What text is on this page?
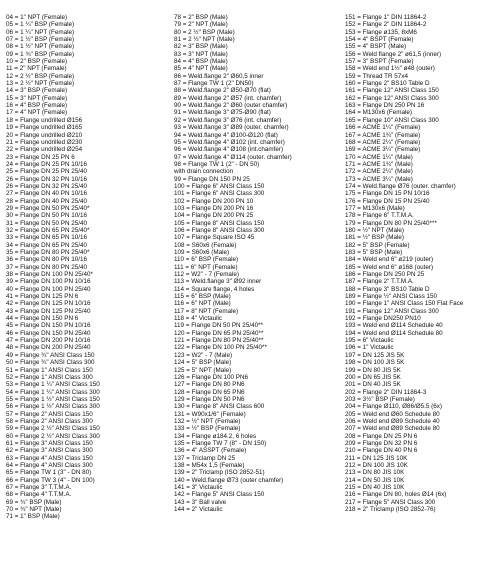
04 = 1" NPT (Female)
05 = 1 ¼" BSP (Female)
06 = 1 ¼" NPT (Female)
07 = 1 ½" BSP (Female)
08 = 1 ½" NPT (Female)
09 = 1 ¾" BSP (Female)
10 = 2" BSP (Female)
11 = 2" NPT (Female)
12 = 2 ½" BSP (Female)
13 = 2 ½" NPT (Female)
14 = 3" BSP (Female)
15 = 3" NPT (Female)
16 = 4" BSP (Female)
17 = 4" NPT (Female)
18 = Flange undrilled Ø156
19 = Flange undrilled Ø165
20 = Flange undrilled Ø210
21 = Flange undrilled Ø230
22 = Flange undrilled Ø254
23 = Flange DN 25 PN 6
24 = Flange DN 25 PN 10/16
25 = Flange DN 25 PN 25/40
26 = Flange DN 32 PN 10/16
26 = Flange DN 32 PN 25/40
27 = Flange DN 40 PN 10/16
28 = Flange DN 40 PN 25/40
29 = Flange DN 50 PN 25/40*
30 = Flange DN 50 PN 10/16
31 = Flange DN 50 PN 25/40
32 = Flange DN 65 PN 25/40*
33 = Flange DN 65 PN 10/16
34 = Flange DN 65 PN 25/40
35 = Flange DN 80 PN 25/40*
36 = Flange DN 80 PN 10/16
37 = Flange DN 80 PN 25/40
38 = Flange DN 100 PN 25/40*
39 = Flange DN 100 PN 10/16
40 = Flange DN 100 PN 25/40
41 = Flange DN 125 PN 6
42 = Flange DN 125 PN 10/16
43 = Flange DN 125 PN 25/40
44 = Flange DN 150 PN 6
45 = Flange DN 150 PN 10/16
46 = Flange DN 150 PN 25/40
47 = Flange DN 200 PN 10/16
48 = Flange DN 200 PN 25/40
49 = Flange ¾" ANSI Class 150
50 = Flange ¾" ANSI Class 300
51 = Flange 1" ANSI Class 150
52 = Flange 1" ANSI Class 300
53 = Flange 1 ¼" ANSI Class 150
54 = Flange 1 ¼" ANSI Class 300
55 = Flange 1 ½" ANSI Class 150
56 = Flange 1 ½" ANSI Class 300
57 = Flange 2" ANSI Class 150
58 = Flange 2" ANSI Class 300
59 = Flange 2 ½" ANSI Class 150
60 = Flange 2 ½" ANSI Class 300
61 = Flange 3" ANSI Class 150
62 = Flange 3" ANSI Class 300
63 = Flange 4" ANSI Class 150
64 = Flange 4" ANSI Class 300
65 = Flange TW 1 (3" - DN 80)
66 = Flange TW 3 (4" - DN 100)
67 = Flange 3" T.T.M.A.
68 = Flange 4" T.T.M.A.
69 = ¾" BSP (Male)
70 = ¾" NPT (Male)
71 = 1" BSP (Male)
78 = 2" BSP (Male)
79 = 2" NPT (Male)
80 = 2 ½" BSP (Male)
81 = 2 ½" NPT (Male)
82 = 3" BSP (Male)
83 = 3" NPT (Male)
84 = 4" BSP (Male)
85 = 4" NPT (Male)
86 = Weld.flange 2" Ø60,5 inner
87 = Flange TW 1 (2" DN50)
88 = Weld.flange 2" Ø50-Ø70 (flat)
89 = Weld.flange 2" Ø57 (int. chamfer)
90 = Weld.flange 2" Ø60 (outer chamfer)
91 = Weld.flange 3" Ø75-Ø90 (flat)
92 = Weld.flange 3" Ø76 (int. chamfer)
93 = Weld.flange 3" Ø89 (outer. chamfer)
94 = Weld.flange 4" Ø100-Ø120 (flat)
95 = Weld.flange 4" Ø102 (int. chamfer)
96 = Weld.flange 4" Ø108 (int.chamfer)
97 = Weld.flange 4" Ø114 (outer. chamfer)
98 = Flange TW 1 (2" - DN 50)
with drain connection
99 = Flange DN 150 PN 25
100 = Flange 6" ANSI Class 150
101 = Flange 6" ANSI Class 300
102 = Flange DN 200 PN 10
103 = Flange DN 200 PN 16
104 = Flange DN 200 PN 25
105 = Flange 8" ANSI Class 150
106 = Flange 8" ANSI Class 300
107 = Flange Square ISO 45
108 = S60x6 (Female)
109 = S60x6 (Male)
110 = 6" BSP (Female)
111 = 6" NPT (Female)
112 = W2" - 7 (Female)
113 = Weld.flange 3" Ø92 inner
114 = Square flange, 4 holes
115 = 6" BSP (Male)
116 = 6" NPT (Male)
117 = 8" NPT (Female)
118 = 4" Victaulic
119 = Flange DN 50 PN 25/40**
120 = Flange DN 65 PN 25/40**
121 = Flange DN 80 PN 25/40**
122 = Flange DN 100 PN 25/40**
123 = W2" - 7 (Male)
124 = 5" BSP (Male)
125 = 5" NPT (Male)
126 = Flange DN 100 PN6
127 = Flange DN 80 PN6
128 = Flange DN 65 PN6
129 = Flange DN 50 PN6
130 = Flange 8" ANSI Class 600
131 = W90x1/6" (Female)
132 = ½" NPT (Female)
133 = ½" BSP (Female)
134 = Flange ø184.2, 6 holes
135 = Flange TW 7 (8" - DN 150)
136 = 4" ASSPT (Female)
137 = Triclamp DN 25
138 = M54x 1,5 (Female)
139 = 2" Triclamp (ISO 2852-51)
140 = Weld.flange Ø73 (outer chamfer)
141 = 3" Victaulic
142 = Flange 5" ANSI Class 150
143 = 3" Ball valve
144 = 2" Victaulic
151 = Flange 1" DIN 11864-2
152 = Flange 2" DIN 11864-2
153 = Flange ø135, 8xM6
154 = 4" BSPT (Female)
155 = 4" BSPT (Male)
156 = Weld flange 2" ø61,5 (inner)
157 = 3" BSPT (Female)
158 = Weld end 1½" ø48 (outer)
159 = Thread TR 57x4
160 = Flange 2" BS10 Table D
161 = Flange 12" ANSI Class 150
162 = Flange 12" ANSI Class 300
163 = Flange DN 250 PN 16
164 = M130x6 (Female)
165 = Flange 10" ANSI Class 300
166 = ACME 1¼" (Female)
167 = ACME 1¾" (Female)
168 = ACME 2¼" (Female)
169 = ACME 3¼" (Female)
170 = ACME 1¼" (Male)
171 = ACME 1¾" (Male)
172 = ACME 2¼" (Male)
173 = ACME 3¼" (Male)
174 = Weld.flange Ø76 (outer. chamfer)
175 = Flange DN 15 PN 10/16
176 = Flange DN 15 PN 25/40
177 = M130x6 (Male)
178 = Flange 6" T.T.M.A.
179 = Flange DN 80 PN 25/40***
180 = ½" NPT (Male)
181 = ½" BSP (Male)
182 = 5" BSP (Female)
183 = 5" BSP (Male)
184 = Weld end 6" ø219 (outer)
185 = Weld end 6" ø168 (outer)
186 = Flange DN 250 PN 25
187 = Flange 2" T.T.M.A.
188 = Flange 3" BS10 Table D
189 = Flange ½" ANSI Class 150
190 = Flange 1" ANSI Class 150 Flat Face
191 = Flange 12" ANSI Class 300
192 = Flange DN250 PN10
193 = Weld end Ø114 Schedule 40
194 = Weld end Ø114 Schedule 80
195 = 6" Victaulic
196 = 1" Victaulic
197 = DN 125 JIS 5K
198 = DN 100 JIS 5K
199 = DN 80 JIS 5K
200 = DN 65 JIS 5K
201 = DN 40 JIS 5K
202 = Flange 2" DIN 11864-3
203 = 3½" BSP (Female)
204 = Flange Ø110, Ø86/Ø5.5 (6x)
205 = Weld end Ø60 Schedule 80
206 = Weld end Ø89 Schedule 40
207 = Weld end Ø89 Schedule 80
208 = Flange DN 25 PN 6
209 = Flange DN 32 PN 6
210 = Flange DN 40 PN 6
211 = DN 125 JIS 10K
212 = DN 100 JIS 10K
213 = DN 80 JIS 10K
214 = DN 50 JIS 10K
215 = DN 40 JIS 10K
216 = Flange DN 80, holes Ø14 (6x)
217 = Flange 5" ANSI Class 300
218 = 2" Triclamp (ISO 2852-76)
